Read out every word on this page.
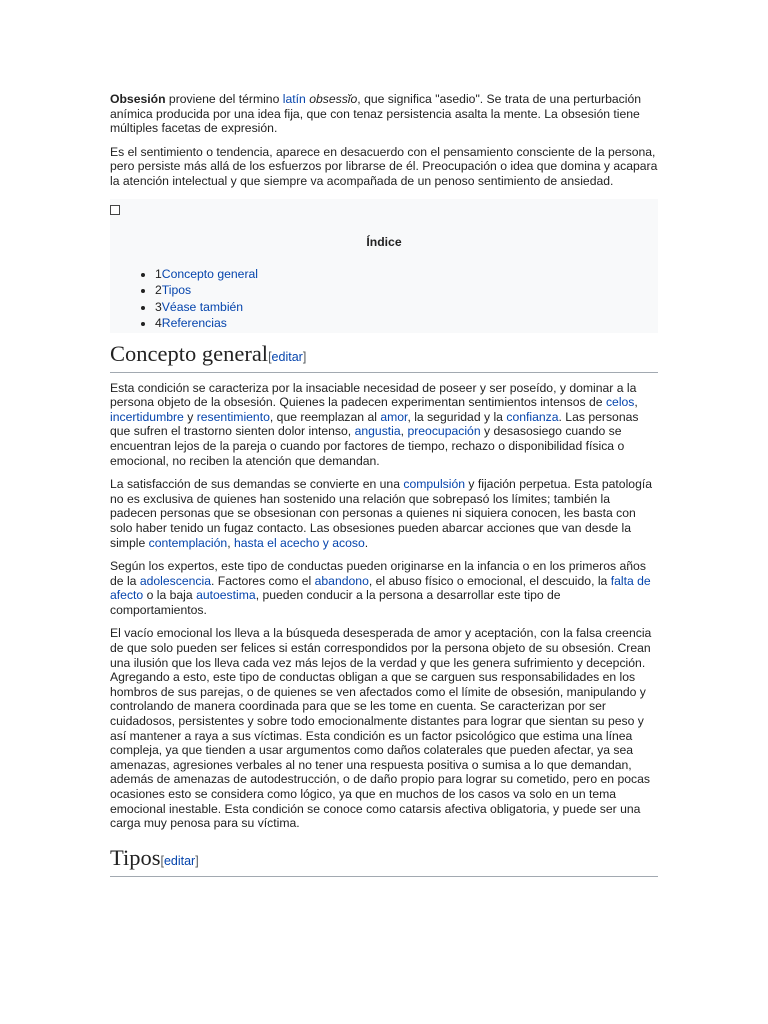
Obsesión proviene del término latín obsessĭo, que significa "asedio". Se trata de una perturbación anímica producida por una idea fija, que con tenaz persistencia asalta la mente. La obsesión tiene múltiples facetas de expresión.

Es el sentimiento o tendencia, aparece en desacuerdo con el pensamiento consciente de la persona, pero persiste más allá de los esfuerzos por librarse de él. Preocupación o idea que domina y acapara la atención intelectual y que siempre va acompañada de un penoso sentimiento de ansiedad.

Índice
• 1Concepto general
• 2Tipos
• 3Véase también
• 4Referencias
Concepto general[editar]

Esta condición se caracteriza por la insaciable necesidad de poseer y ser poseído, y dominar a la persona objeto de la obsesión. Quienes la padecen experimentan sentimientos intensos de celos, incertidumbre y resentimiento, que reemplazan al amor, la seguridad y la confianza. Las personas que sufren el trastorno sienten dolor intenso, angustia, preocupación y desasosiego cuando se encuentran lejos de la pareja o cuando por factores de tiempo, rechazo o disponibilidad física o emocional, no reciben la atención que demandan.

La satisfacción de sus demandas se convierte en una compulsión y fijación perpetua. Esta patología no es exclusiva de quienes han sostenido una relación que sobrepasó los límites; también la padecen personas que se obsesionan con personas a quienes ni siquiera conocen, les basta con solo haber tenido un fugaz contacto. Las obsesiones pueden abarcar acciones que van desde la simple contemplación, hasta el acecho y acoso.

Según los expertos, este tipo de conductas pueden originarse en la infancia o en los primeros años de la adolescencia. Factores como el abandono, el abuso físico o emocional, el descuido, la falta de afecto o la baja autoestima, pueden conducir a la persona a desarrollar este tipo de comportamientos.

El vacío emocional los lleva a la búsqueda desesperada de amor y aceptación, con la falsa creencia de que solo pueden ser felices si están correspondidos por la persona objeto de su obsesión. Crean una ilusión que los lleva cada vez más lejos de la verdad y que les genera sufrimiento y decepción. Agregando a esto, este tipo de conductas obligan a que se carguen sus responsabilidades en los hombros de sus parejas, o de quienes se ven afectados como el límite de obsesión, manipulando y controlando de manera coordinada para que se les tome en cuenta. Se caracterizan por ser cuidadosos, persistentes y sobre todo emocionalmente distantes para lograr que sientan su peso y así mantener a raya a sus víctimas. Esta condición es un factor psicológico que estima una línea compleja, ya que tienden a usar argumentos como daños colaterales que pueden afectar, ya sea amenazas, agresiones verbales al no tener una respuesta positiva o sumisa a lo que demandan, además de amenazas de autodestrucción, o de daño propio para lograr su cometido, pero en pocas ocasiones esto se considera como lógico, ya que en muchos de los casos va solo en un tema emocional inestable. Esta condición se conoce como catarsis afectiva obligatoria, y puede ser una carga muy penosa para su víctima.

Tipos[editar]
